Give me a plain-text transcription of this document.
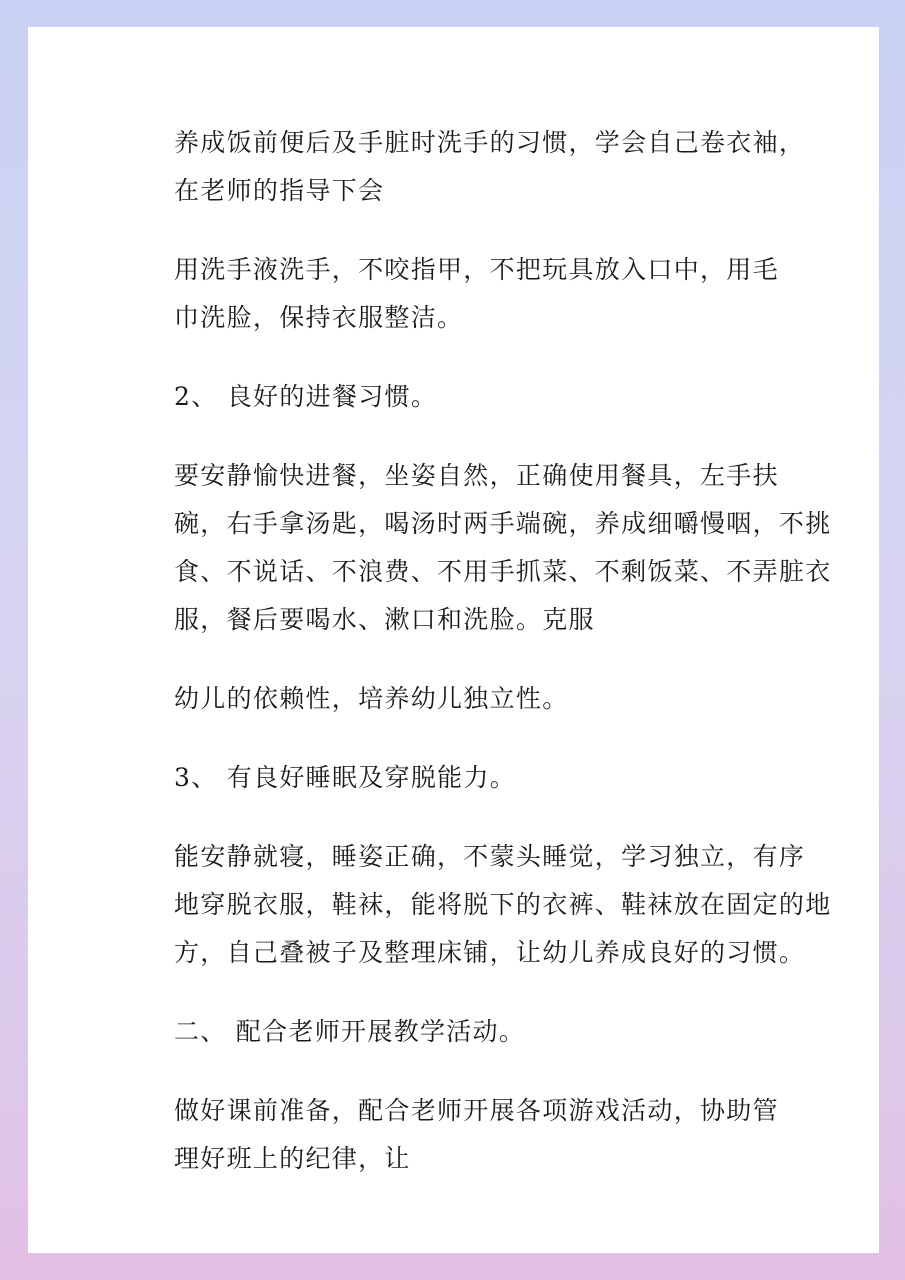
养成饭前便后及手脏时洗手的习惯，学会自己卷衣袖，
在老师的指导下会

用洗手液洗手，不咬指甲，不把玩具放入口中，用毛
巾洗脸，保持衣服整洁。

2、 良好的进餐习惯。

要安静愉快进餐，坐姿自然，正确使用餐具，左手扶
碗，右手拿汤匙，喝汤时两手端碗，养成细嚼慢咽，不挑
食、不说话、不浪费、不用手抓菜、不剩饭菜、不弄脏衣
服，餐后要喝水、漱口和洗脸。克服

幼儿的依赖性，培养幼儿独立性。

3、 有良好睡眠及穿脱能力。

能安静就寝，睡姿正确，不蒙头睡觉，学习独立，有序
地穿脱衣服，鞋袜，能将脱下的衣裤、鞋袜放在固定的地
方，自己叠被子及整理床铺，让幼儿养成良好的习惯。

二、 配合老师开展教学活动。

做好课前准备，配合老师开展各项游戏活动，协助管
理好班上的纪律，让
